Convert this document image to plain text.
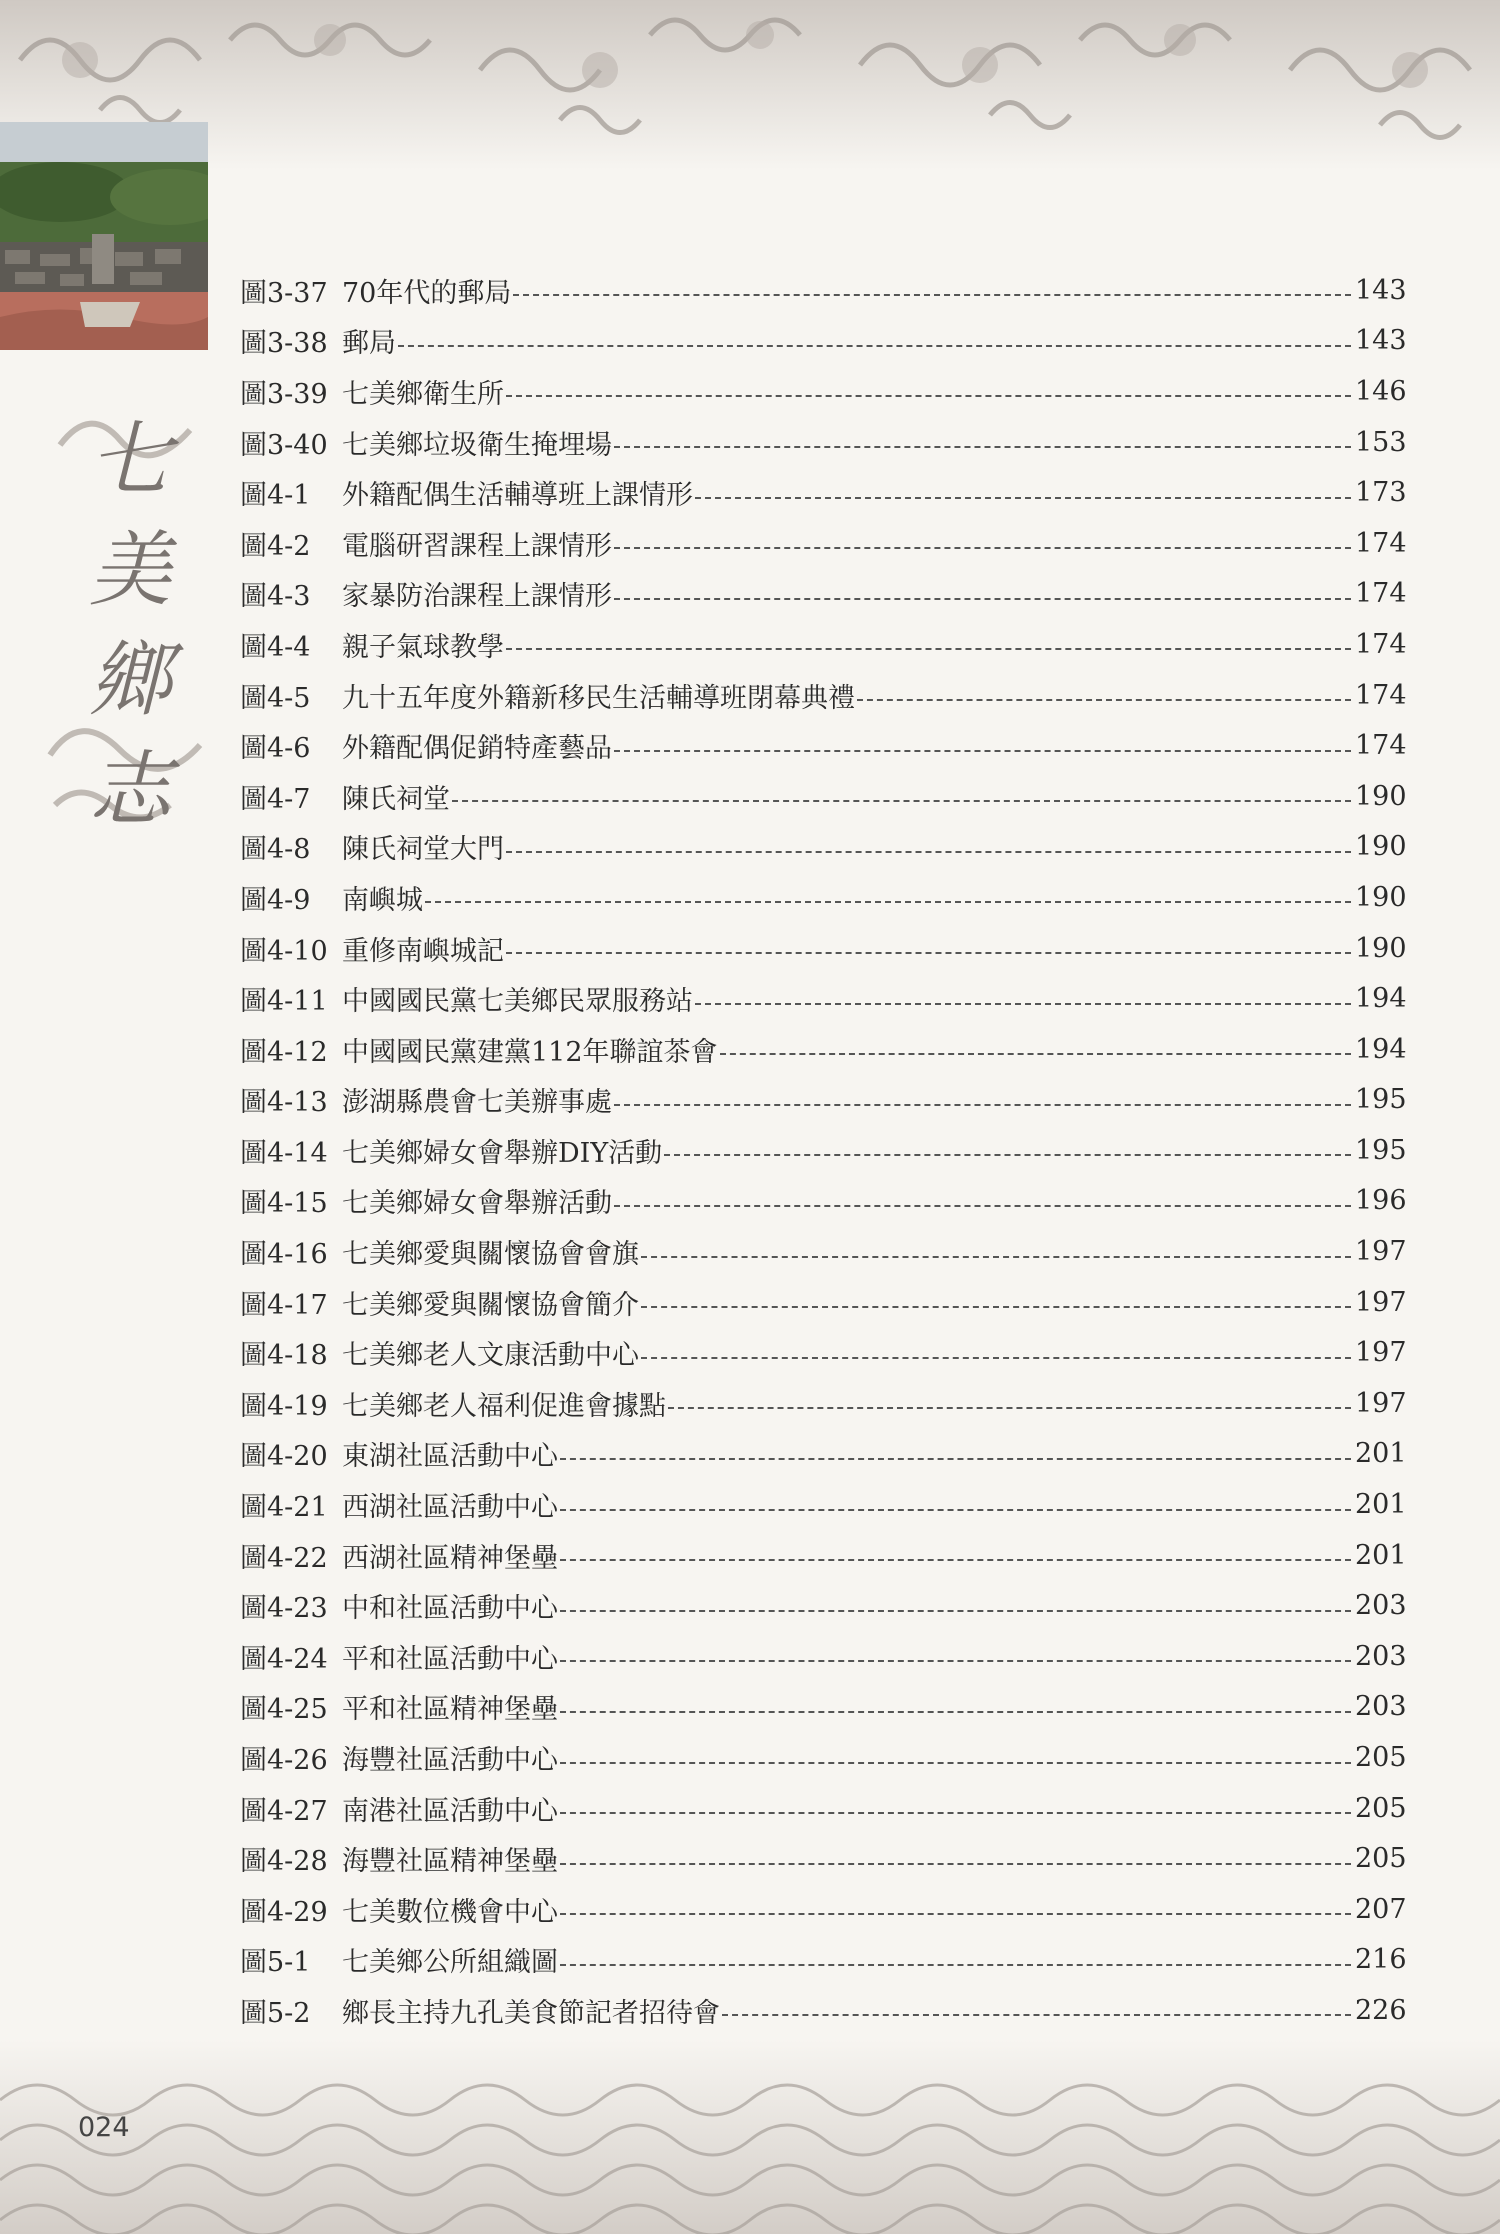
七
美
鄉
志
圖3-37 70年代的郵局	143
圖3-38 郵局	143
圖3-39 七美鄉衛生所	146
圖3-40 七美鄉垃圾衛生掩埋場	153
圖4-1	外籍配偶生活輔導班上課情形	173
圖4-2	電腦研習課程上課情形	174
圖4-3	家暴防治課程上課情形	174
圖4-4	親子氣球教學	174
圖4-5	九十五年度外籍新移民生活輔導班閉幕典禮	174
圖4-6	外籍配偶促銷特產藝品	174
圖4-7	陳氏祠堂	190
圖4-8	陳氏祠堂大門	190
圖4-9	南嶼城	190
圖4-10 重修南嶼城記	190
圖4-11 中國國民黨七美鄉民眾服務站	194
圖4-12 中國國民黨建黨112年聯誼茶會	194
圖4-13 澎湖縣農會七美辦事處	195
圖4-14 七美鄉婦女會舉辦DIY活動	195
圖4-15 七美鄉婦女會舉辦活動	196
圖4-16 七美鄉愛與關懷協會會旗	197
圖4-17 七美鄉愛與關懷協會簡介	197
圖4-18 七美鄉老人文康活動中心	197
圖4-19 七美鄉老人福利促進會據點	197
圖4-20 東湖社區活動中心	201
圖4-21 西湖社區活動中心	201
圖4-22 西湖社區精神堡壘	201
圖4-23 中和社區活動中心	203
圖4-24 平和社區活動中心	203
圖4-25 平和社區精神堡壘	203
圖4-26 海豐社區活動中心	205
圖4-27 南港社區活動中心	205
圖4-28 海豐社區精神堡壘	205
圖4-29 七美數位機會中心	207
圖5-1	七美鄉公所組織圖	216
圖5-2	鄉長主持九孔美食節記者招待會	226
024
